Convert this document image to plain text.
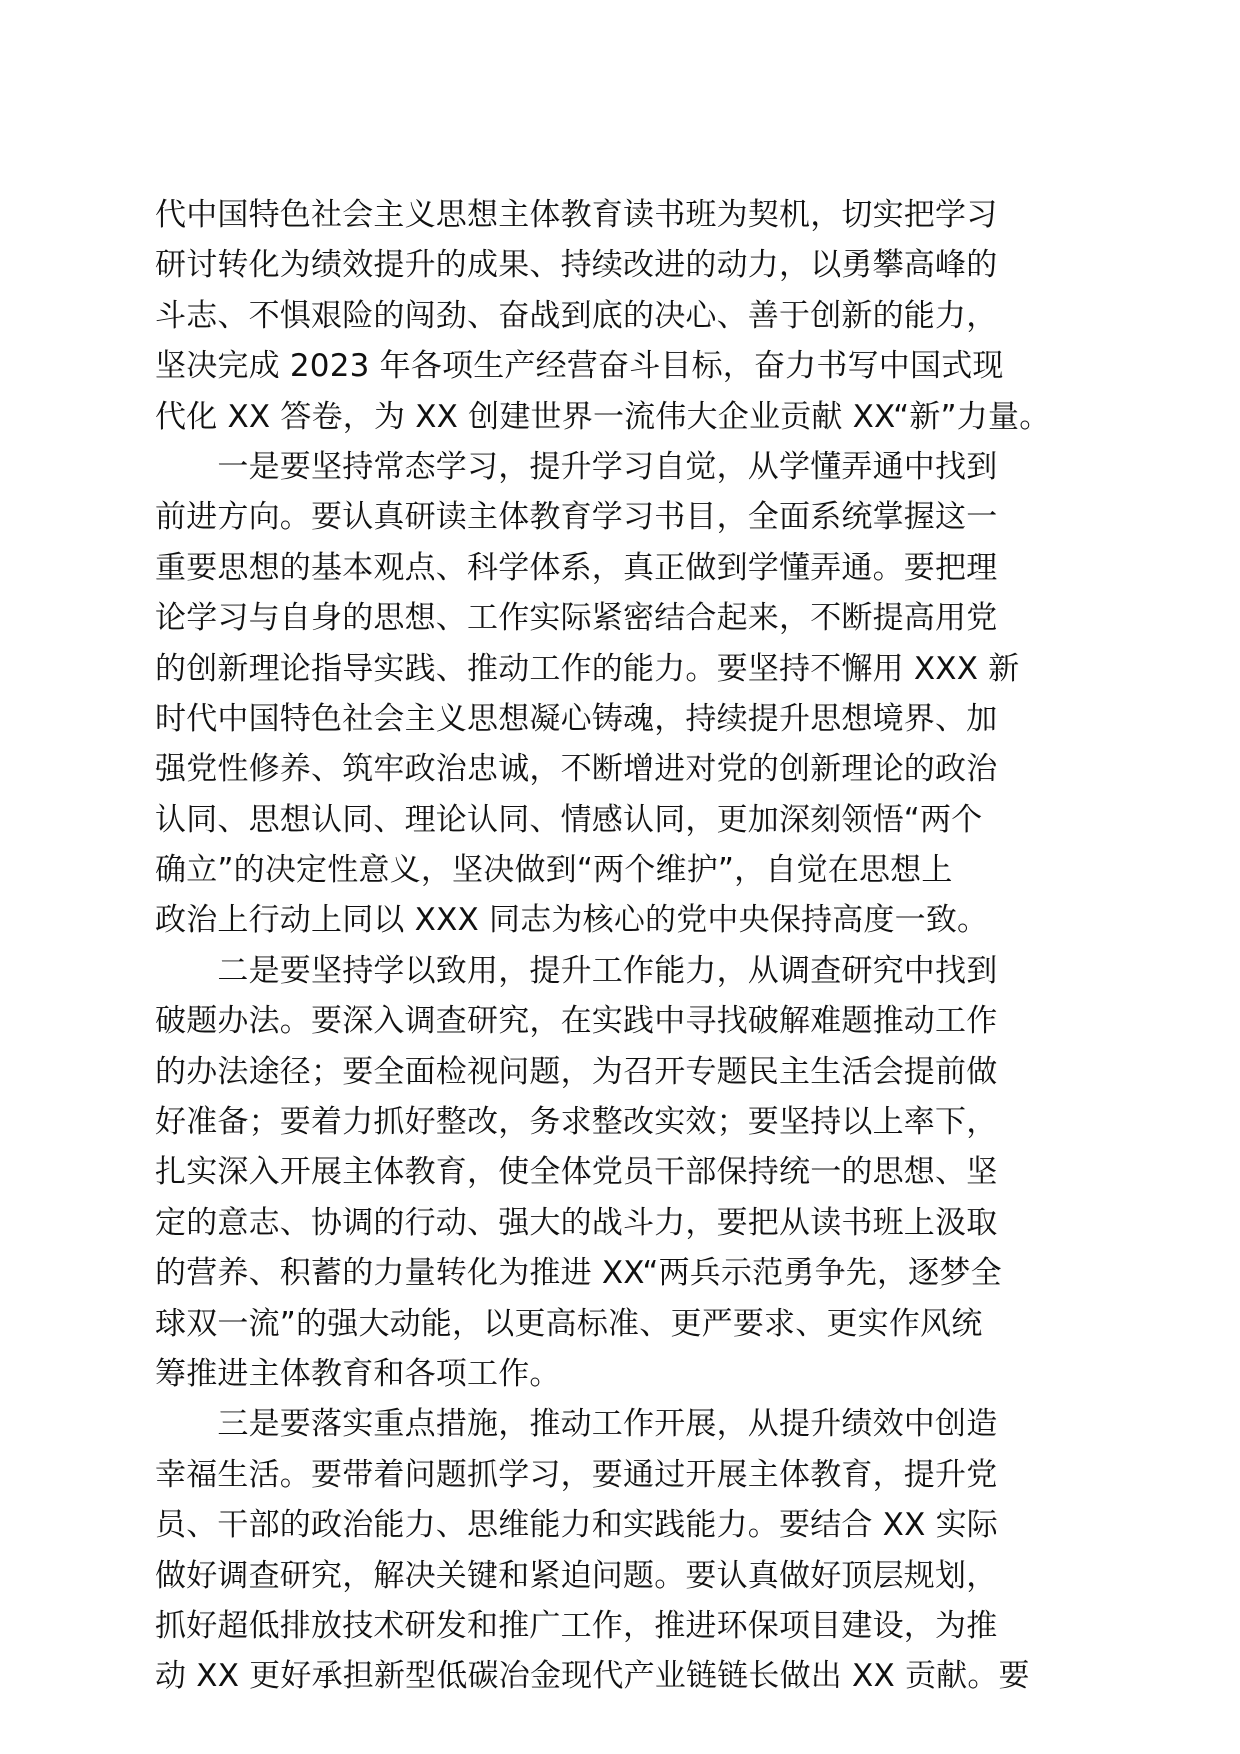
代中国特色社会主义思想主体教育读书班为契机，切实把学习
研讨转化为绩效提升的成果、持续改进的动力，以勇攀高峰的
斗志、不惧艰险的闯劲、奋战到底的决心、善于创新的能力，
坚决完成 2023 年各项生产经营奋斗目标，奋力书写中国式现
代化 XX 答卷，为 XX 创建世界一流伟大企业贡献 XX“新”力量。
　　一是要坚持常态学习，提升学习自觉，从学懂弄通中找到
前进方向。要认真研读主体教育学习书目，全面系统掌握这一
重要思想的基本观点、科学体系，真正做到学懂弄通。要把理
论学习与自身的思想、工作实际紧密结合起来，不断提高用党
的创新理论指导实践、推动工作的能力。要坚持不懈用 XXX 新
时代中国特色社会主义思想凝心铸魂，持续提升思想境界、加
强党性修养、筑牢政治忠诚，不断增进对党的创新理论的政治
认同、思想认同、理论认同、情感认同，更加深刻领悟“两个
确立”的决定性意义，坚决做到“两个维护”，自觉在思想上
政治上行动上同以 XXX 同志为核心的党中央保持高度一致。
　　二是要坚持学以致用，提升工作能力，从调查研究中找到
破题办法。要深入调查研究，在实践中寻找破解难题推动工作
的办法途径；要全面检视问题，为召开专题民主生活会提前做
好准备；要着力抓好整改，务求整改实效；要坚持以上率下，
扎实深入开展主体教育，使全体党员干部保持统一的思想、坚
定的意志、协调的行动、强大的战斗力，要把从读书班上汲取
的营养、积蓄的力量转化为推进 XX“两兵示范勇争先，逐梦全
球双一流”的强大动能，以更高标准、更严要求、更实作风统
筹推进主体教育和各项工作。
　　三是要落实重点措施，推动工作开展，从提升绩效中创造
幸福生活。要带着问题抓学习，要通过开展主体教育，提升党
员、干部的政治能力、思维能力和实践能力。要结合 XX 实际
做好调查研究，解决关键和紧迫问题。要认真做好顶层规划，
抓好超低排放技术研发和推广工作，推进环保项目建设，为推
动 XX 更好承担新型低碳冶金现代产业链链长做出 XX 贡献。要
